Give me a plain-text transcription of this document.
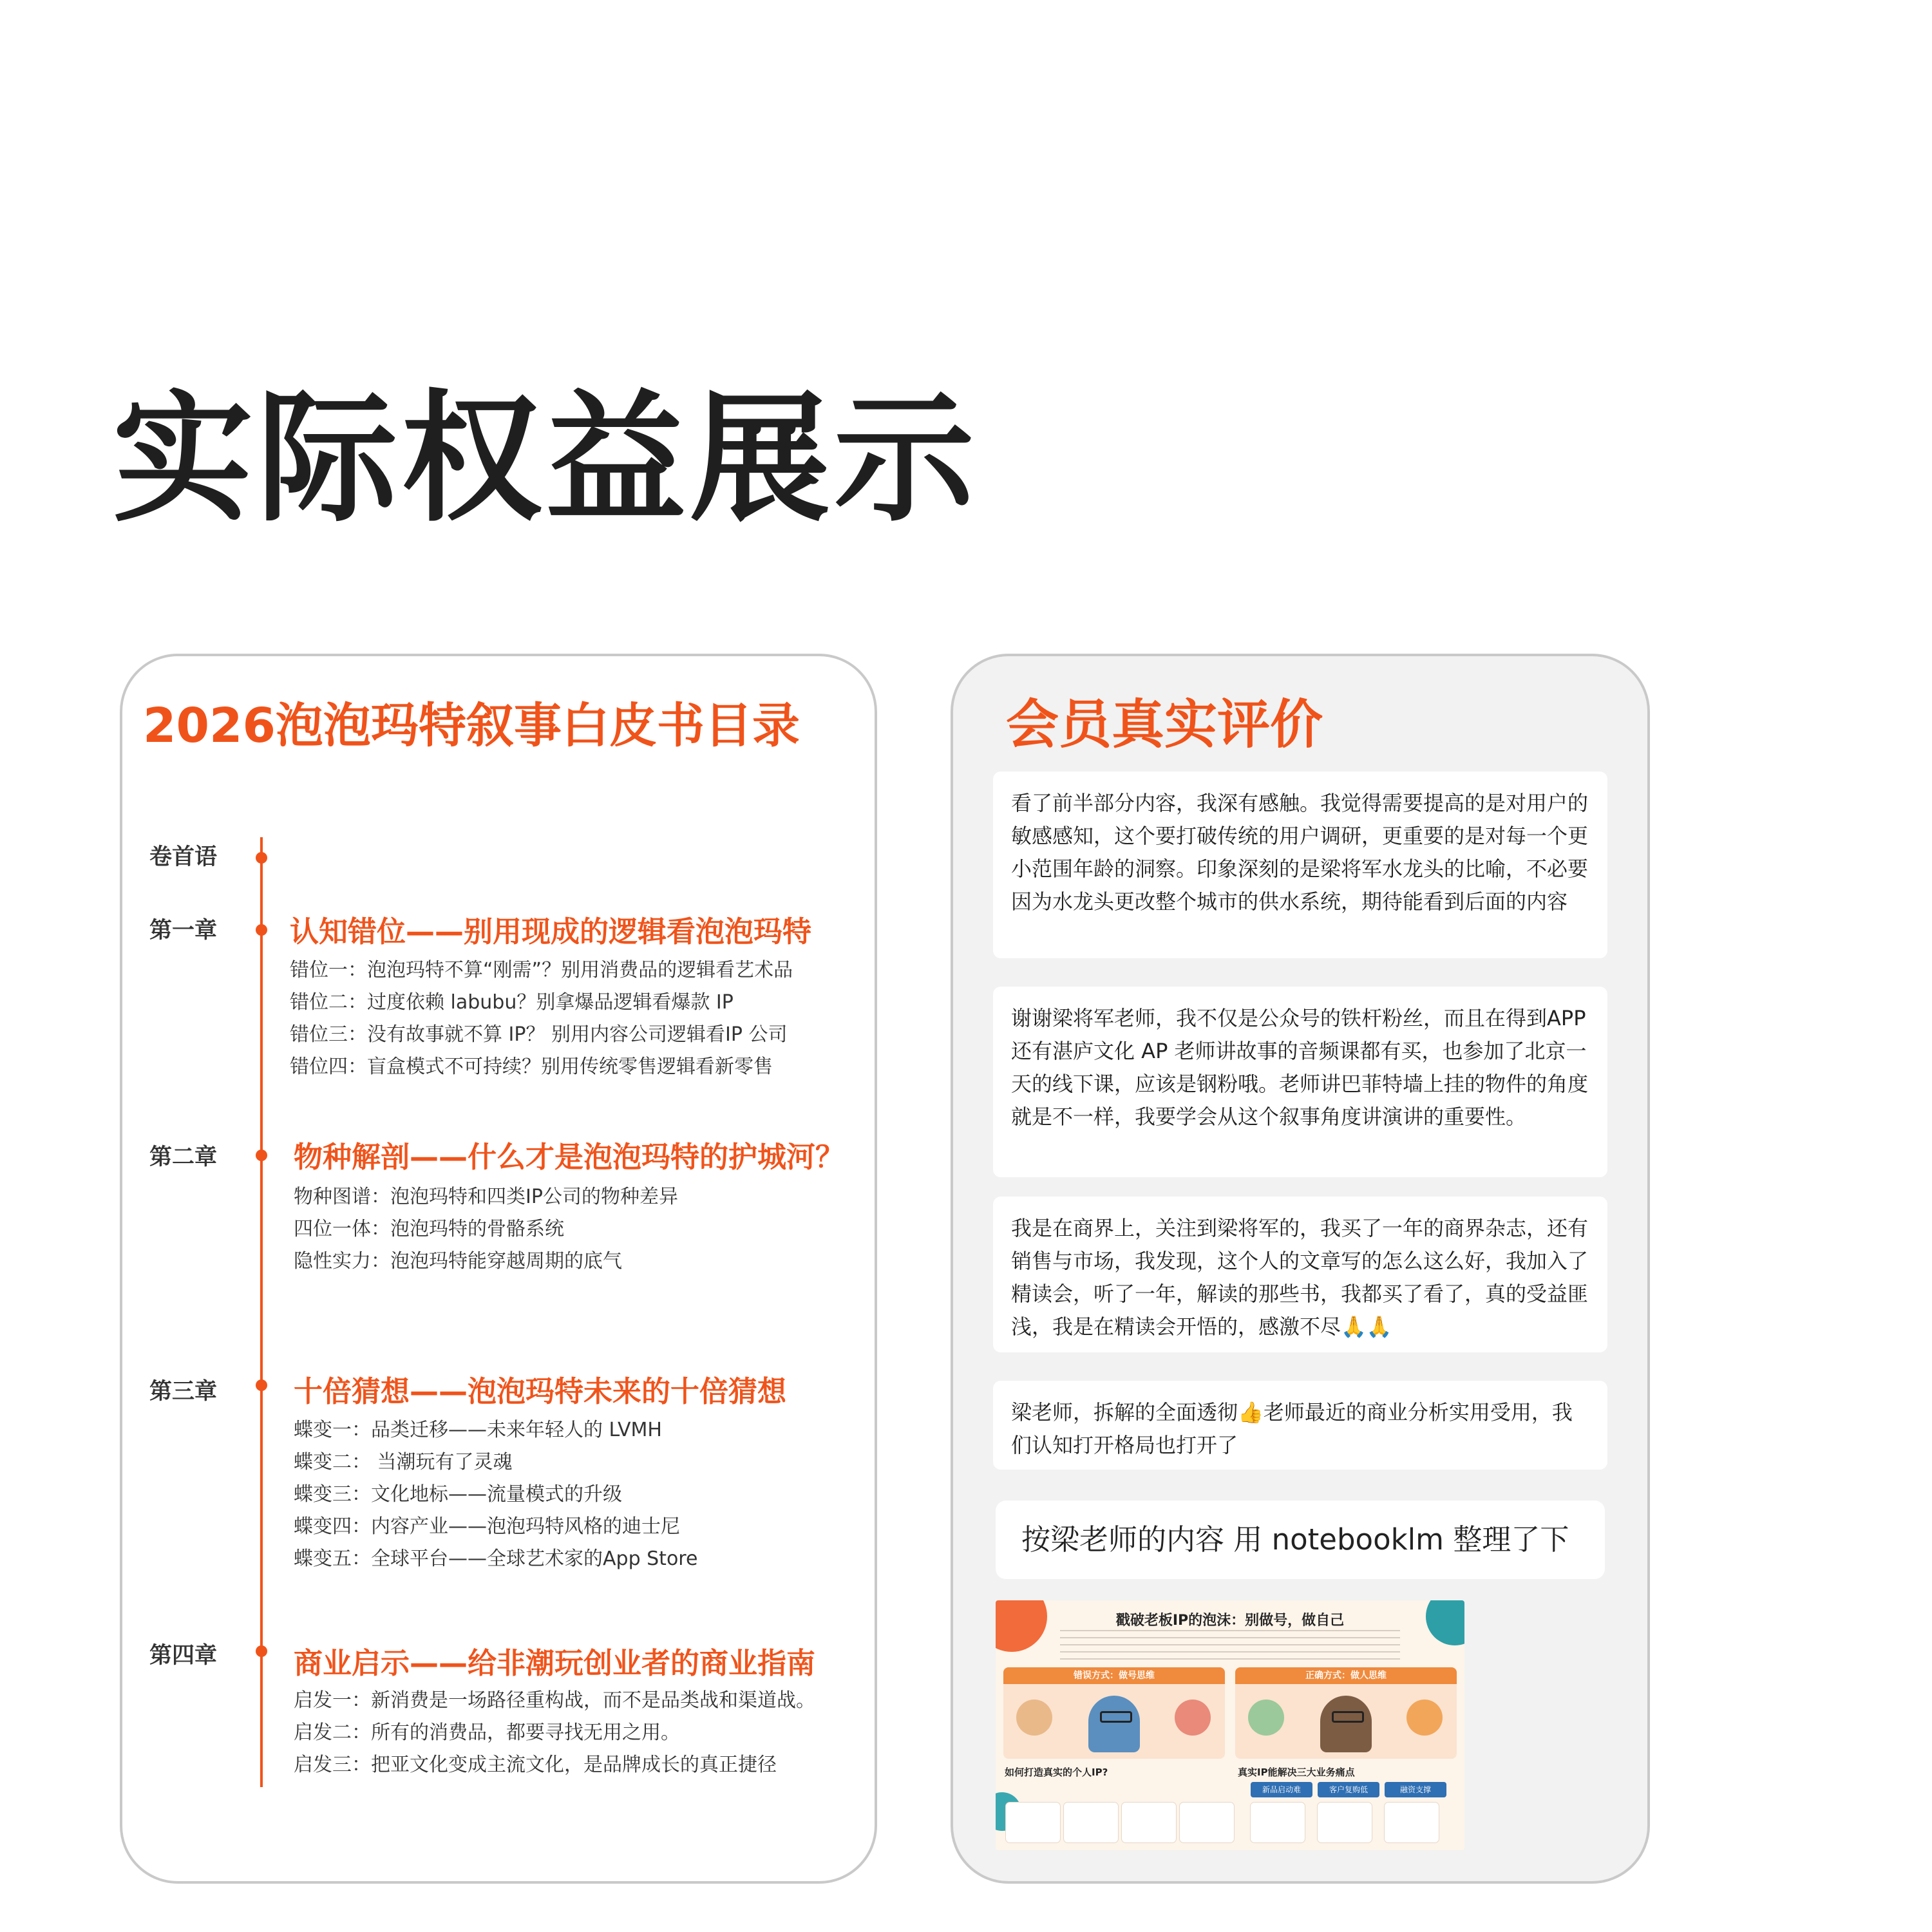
实际权益展示
2026泡泡玛特叙事白皮书目录
卷首语
第一章	认知错位——别用现成的逻辑看泡泡玛特
错位一：泡泡玛特不算“刚需”？别用消费品的逻辑看艺术品
错位二：过度依赖 labubu？别拿爆品逻辑看爆款 IP
错位三：没有故事就不算 IP？ 别用内容公司逻辑看IP 公司
错位四：盲盒模式不可持续？别用传统零售逻辑看新零售
第二章	物种解剖——什么才是泡泡玛特的护城河？
物种图谱：泡泡玛特和四类IP公司的物种差异
四位一体：泡泡玛特的骨骼系统
隐性实力：泡泡玛特能穿越周期的底气
第三章	十倍猜想——泡泡玛特未来的十倍猜想
蝶变一：品类迁移——未来年轻人的 LVMH
蝶变二： 当潮玩有了灵魂
蝶变三：文化地标——流量模式的升级
蝶变四：内容产业——泡泡玛特风格的迪士尼
蝶变五：全球平台——全球艺术家的App Store
第四章	商业启示——给非潮玩创业者的商业指南
启发一：新消费是一场路径重构战，而不是品类战和渠道战。
启发二：所有的消费品，都要寻找无用之用。
启发三：把亚文化变成主流文化，是品牌成长的真正捷径
会员真实评价
看了前半部分内容，我深有感触。我觉得需要提高的是对用户的敏感感知，这个要打破传统的用户调研，更重要的是对每一个更小范围年龄的洞察。印象深刻的是梁将军水龙头的比喻，不必要因为水龙头更改整个城市的供水系统，期待能看到后面的内容
谢谢梁将军老师，我不仅是公众号的铁杆粉丝，而且在得到APP 还有湛庐文化 AP 老师讲故事的音频课都有买，也参加了北京一天的线下课，应该是钢粉哦。老师讲巴菲特墙上挂的物件的角度就是不一样，我要学会从这个叙事角度讲演讲的重要性。
我是在商界上，关注到梁将军的，我买了一年的商界杂志，还有销售与市场，我发现，这个人的文章写的怎么这么好，我加入了精读会，听了一年，解读的那些书，我都买了看了，真的受益匪浅，我是在精读会开悟的，感激不尽🙏🙏
梁老师，拆解的全面透彻👍老师最近的商业分析实用受用，我们认知打开格局也打开了
按梁老师的内容 用 notebooklm 整理了下
戳破老板IP的泡沫：别做号，做自己
错误方式：做号思维	正确方式：做人思维
如何打造真实的个人IP?	真实IP能解决三大业务痛点
新品启动难	客户复购低	融资支撑
